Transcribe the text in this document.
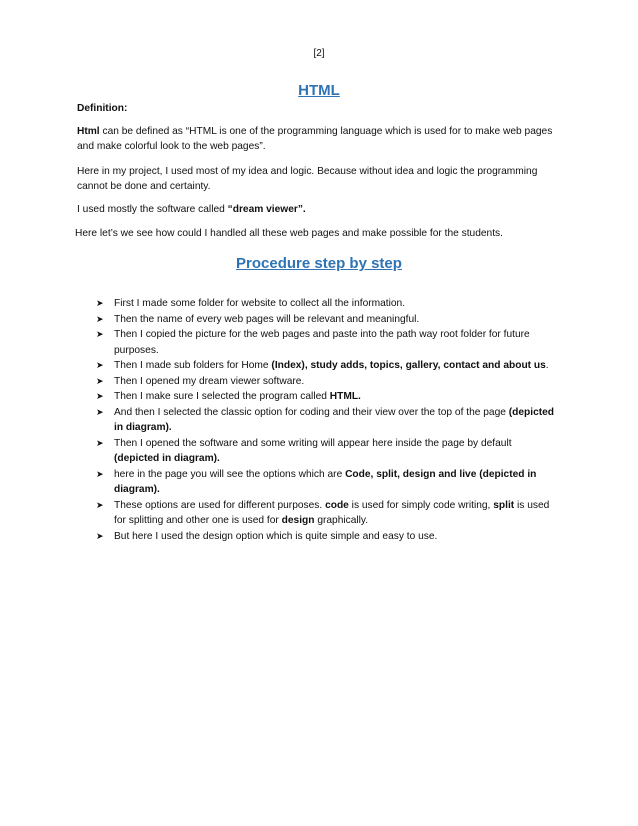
[2]
HTML
Definition:
Html can be defined as “HTML is one of the programming language which is used for to make web pages and make colorful look to the web pages”.
Here in my project, I used most of my idea and logic. Because without idea and logic the programming cannot be done and certainty.
I used mostly the software called “dream viewer”.
Here let’s we see how could I handled all these web pages and make possible for the students.
Procedure step by step
➤ First I made some folder for website to collect all the information.
➤ Then the name of every web pages will be relevant and meaningful.
➤ Then I copied the picture for the web pages and paste into the path way root folder for future purposes.
➤ Then I made sub folders for Home (Index), study adds, topics, gallery, contact and about us.
➤ Then I opened my dream viewer software.
➤ Then I make sure I selected the program called HTML.
➤ And then I selected the classic option for coding and their view over the top of the page (depicted in diagram).
➤ Then I opened the software and some writing will appear here inside the page by default (depicted in diagram).
➤ here in the page you will see the options which are Code, split, design and live (depicted in diagram).
➤ These options are used for different purposes. code is used for simply code writing, split is used for splitting and other one is used for design graphically.
➤ But here I used the design option which is quite simple and easy to use.
